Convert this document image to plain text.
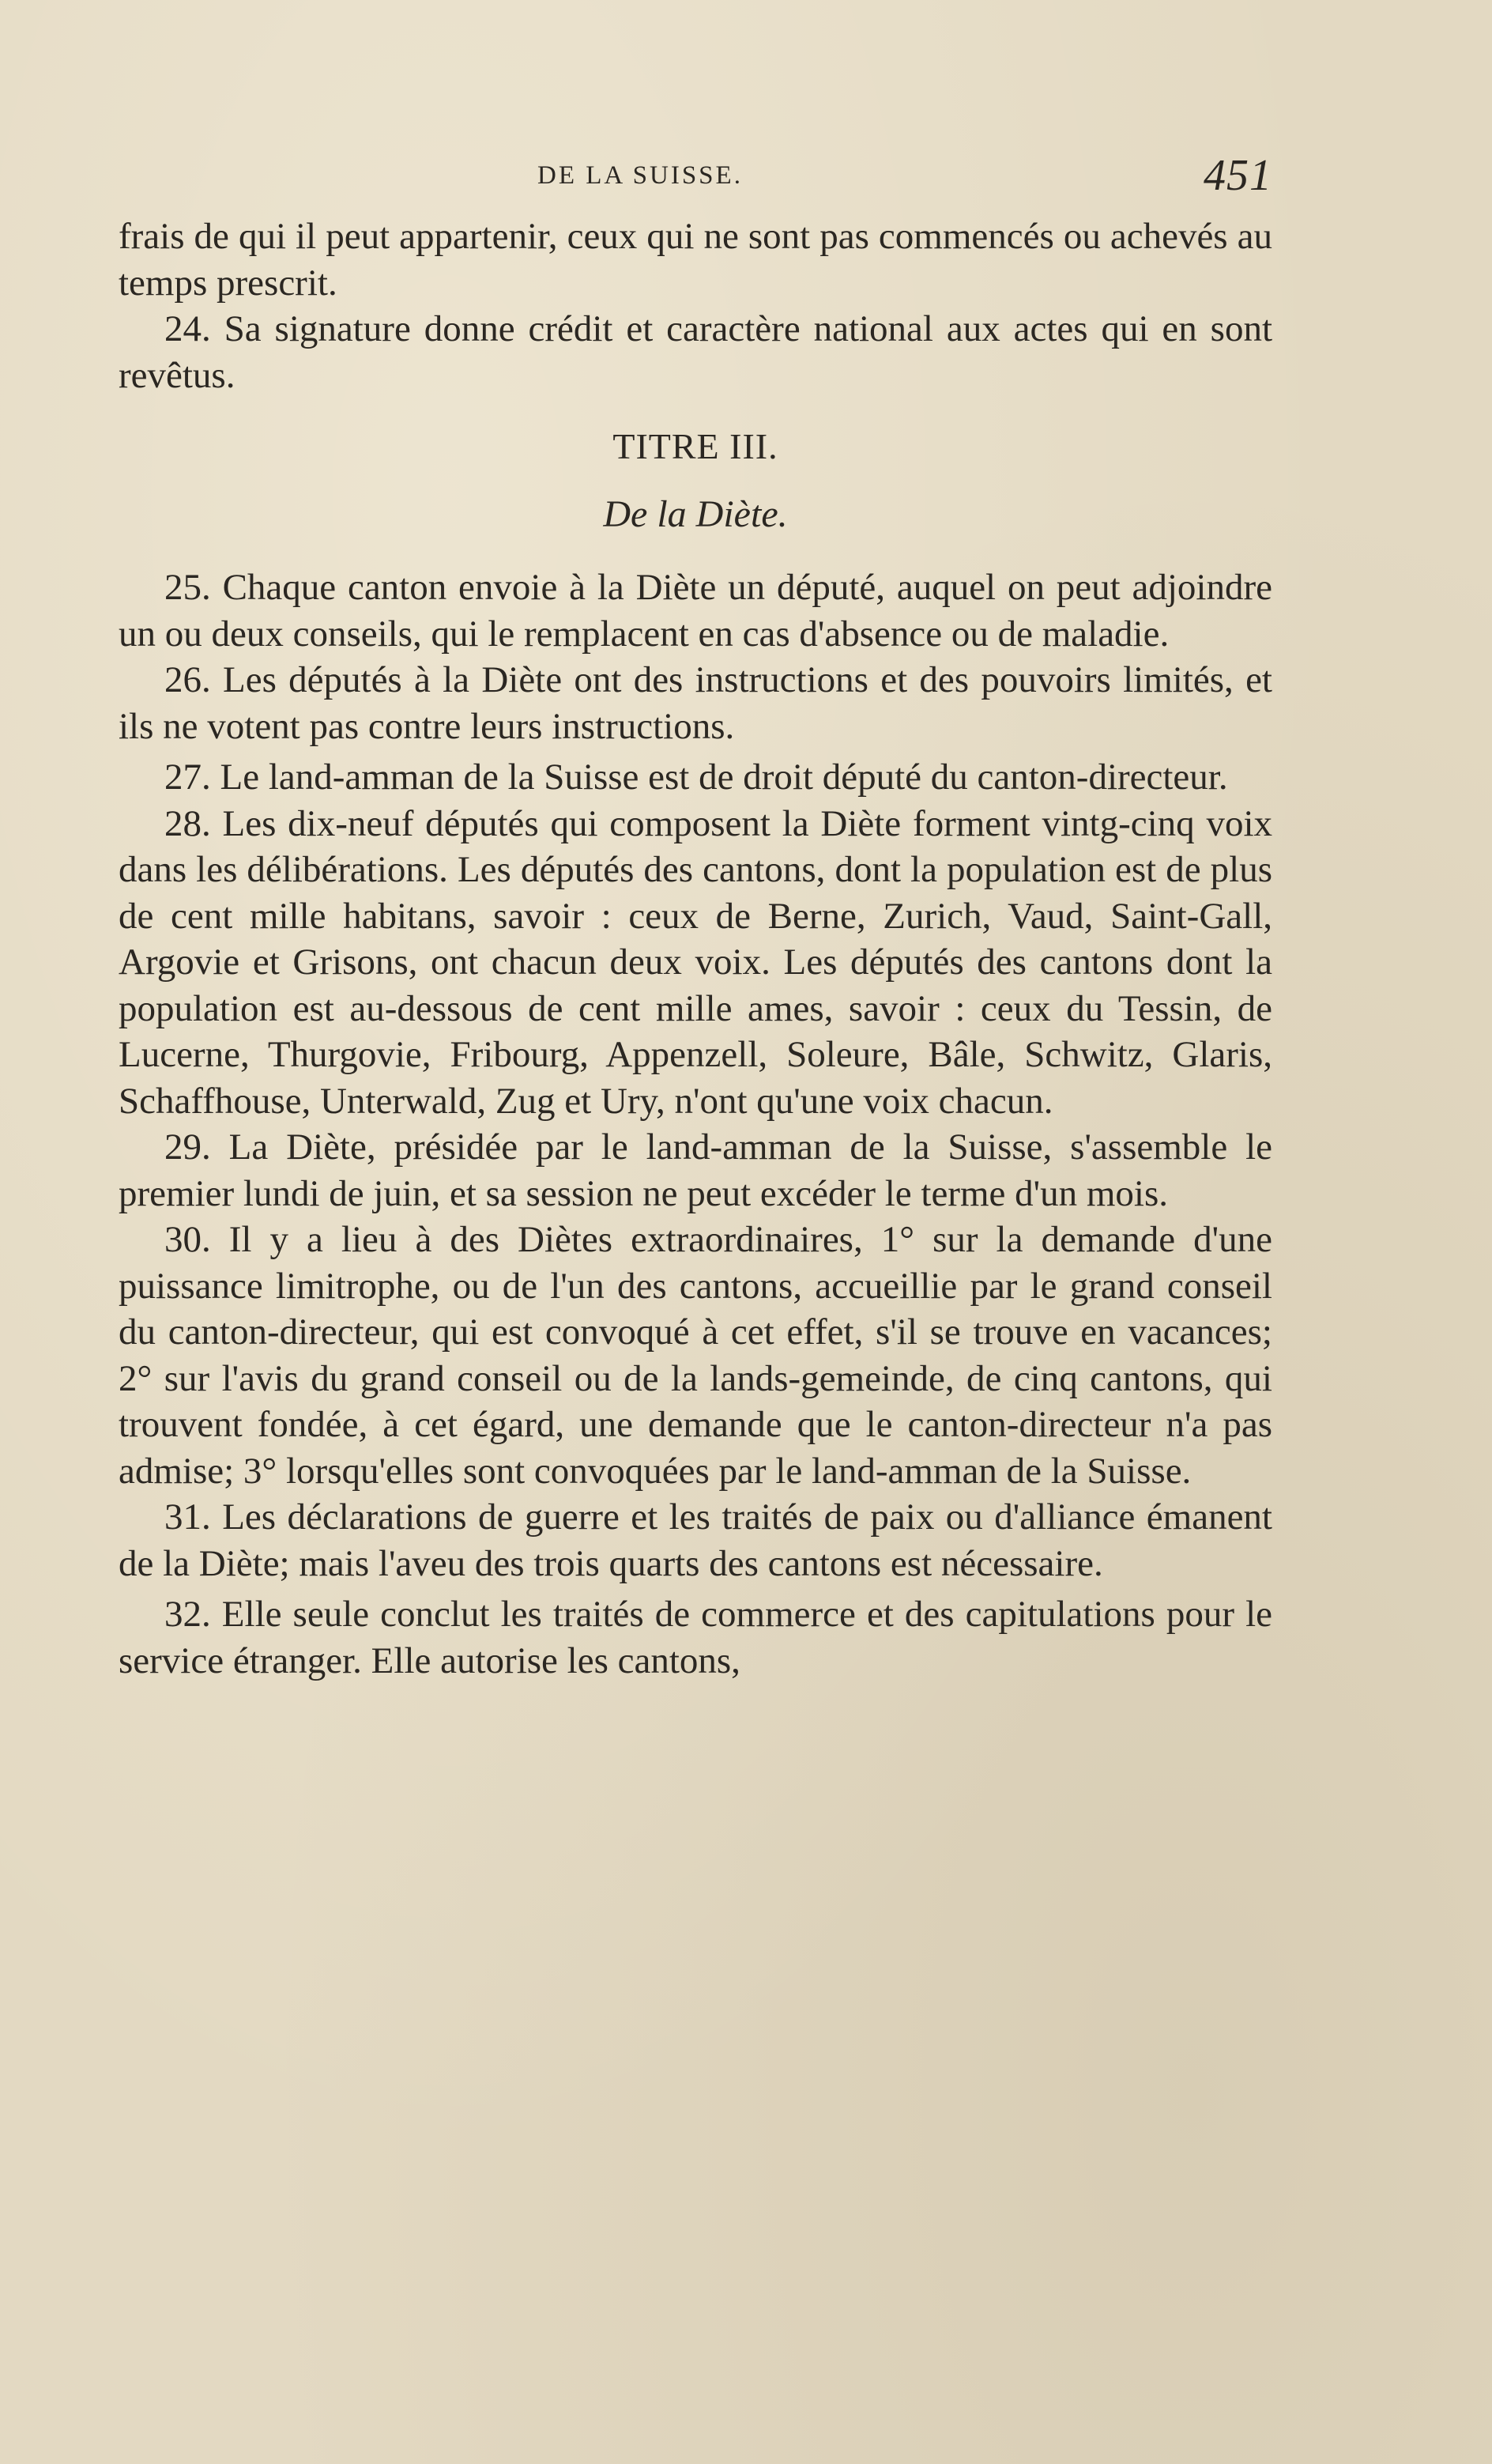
DE LA SUISSE.	451

frais de qui il peut appartenir, ceux qui ne sont pas commencés ou achevés au temps prescrit.

24. Sa signature donne crédit et caractère national aux actes qui en sont revêtus.

TITRE III.
De la Diète.

25. Chaque canton envoie à la Diète un député, auquel on peut adjoindre un ou deux conseils, qui le remplacent en cas d'absence ou de maladie.

26. Les députés à la Diète ont des instructions et des pouvoirs limités, et ils ne votent pas contre leurs instructions.

27. Le land-amman de la Suisse est de droit député du canton-directeur.

28. Les dix-neuf députés qui composent la Diète forment vintg-cinq voix dans les délibérations. Les députés des cantons, dont la population est de plus de cent mille habitans, savoir : ceux de Berne, Zurich, Vaud, Saint-Gall, Argovie et Grisons, ont chacun deux voix. Les députés des cantons dont la population est au-dessous de cent mille ames, savoir : ceux du Tessin, de Lucerne, Thurgovie, Fribourg, Appenzell, Soleure, Bâle, Schwitz, Glaris, Schaffhouse, Unterwald, Zug et Ury, n'ont qu'une voix chacun.

29. La Diète, présidée par le land-amman de la Suisse, s'assemble le premier lundi de juin, et sa session ne peut excéder le terme d'un mois.

30. Il y a lieu à des Diètes extraordinaires, 1° sur la demande d'une puissance limitrophe, ou de l'un des cantons, accueillie par le grand conseil du canton-directeur, qui est convoqué à cet effet, s'il se trouve en vacances; 2° sur l'avis du grand conseil ou de la lands-gemeinde, de cinq cantons, qui trouvent fondée, à cet égard, une demande que le canton-directeur n'a pas admise; 3° lorsqu'elles sont convoquées par le land-amman de la Suisse.

31. Les déclarations de guerre et les traités de paix ou d'alliance émanent de la Diète; mais l'aveu des trois quarts des cantons est nécessaire.

32. Elle seule conclut les traités de commerce et des capitulations pour le service étranger. Elle autorise les cantons,
